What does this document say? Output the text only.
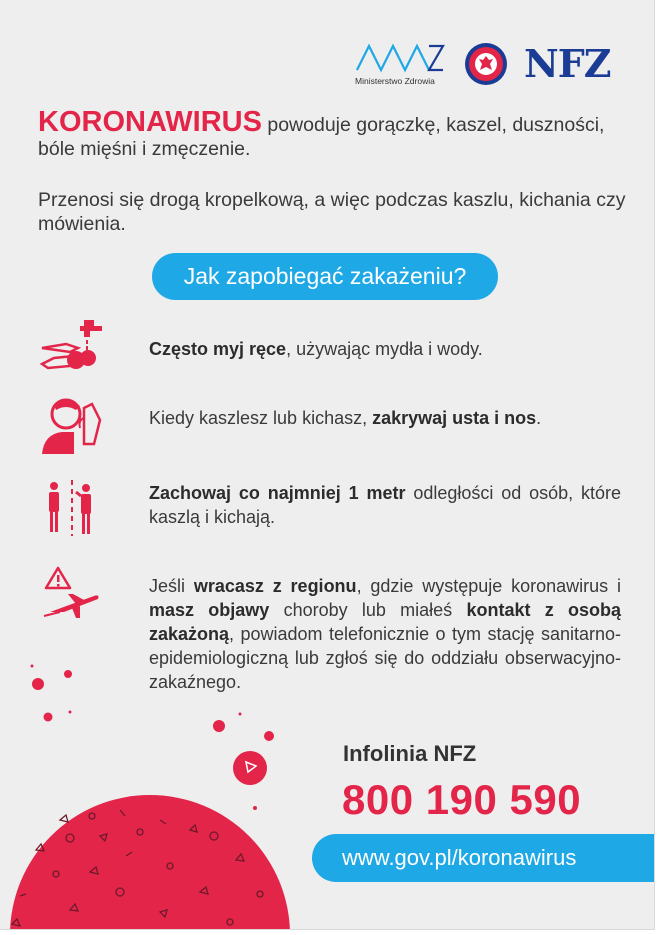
Ministerstwo Zdrowia NFZ

KORONAWIRUS powoduje gorączkę, kaszel, duszności, bóle mięśni i zmęczenie.

Przenosi się drogą kropelkową, a więc podczas kaszlu, kichania czy mówienia.

Jak zapobiegać zakażeniu?

Często myj ręce, używając mydła i wody.

Kiedy kaszlesz lub kichasz, zakrywaj usta i nos.

Zachowaj co najmniej 1 metr odległości od osób, które kaszlą i kichają.

Jeśli wracasz z regionu, gdzie występuje koronawirus i masz objawy choroby lub miałeś kontakt z osobą zakażoną, powiadom telefonicznie o tym stację sanitarno-epidemiologiczną lub zgłoś się do oddziału obserwacyjno-zakaźnego.

Infolinia NFZ
800 190 590
www.gov.pl/koronawirus
